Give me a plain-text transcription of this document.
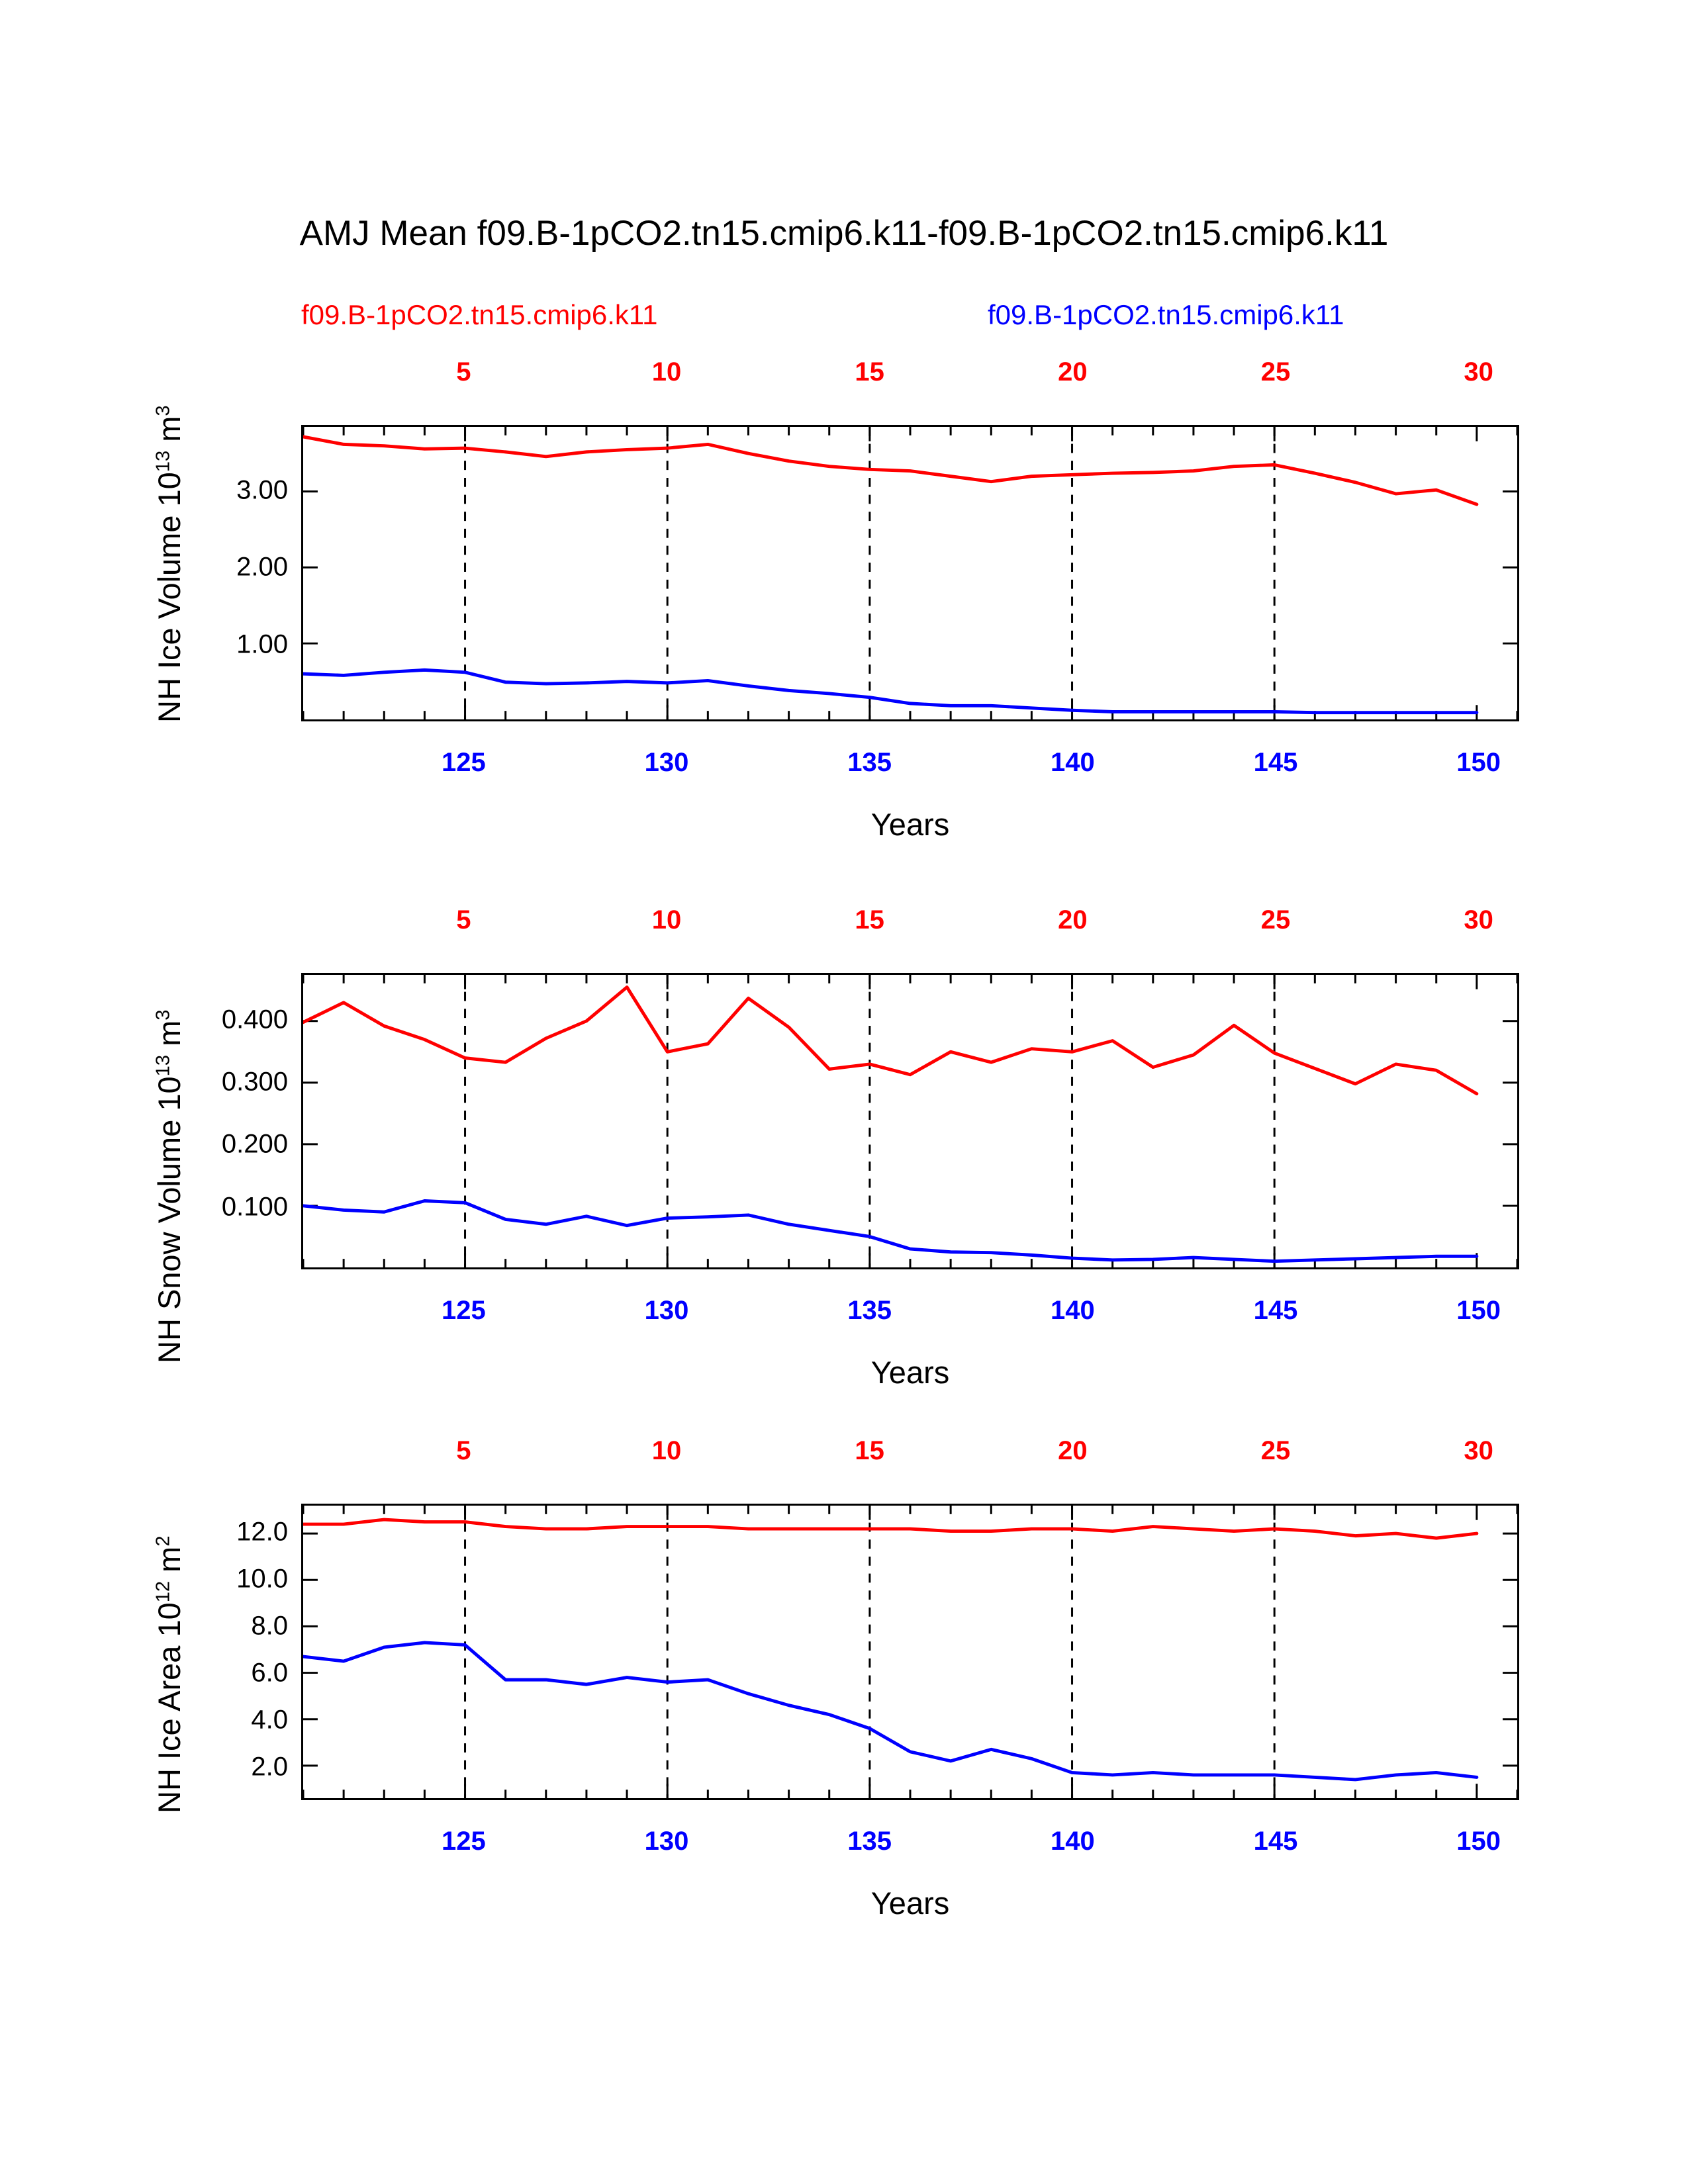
AMJ Mean f09.B-1pCO2.tn15.cmip6.k11-f09.B-1pCO2.tn15.cmip6.k11
f09.B-1pCO2.tn15.cmip6.k11	f09.B-1pCO2.tn15.cmip6.k11
5	10	15	20	25	30
125	130	135	140	145	150
1.00
2.00
3.00
Years
NH Ice Volume $10^{13}$ $m^3$
5	10	15	20	25	30
125	130	135	140	145	150
0.100
0.200
0.300
0.400
Years
NH Snow Volume $10^{13}$ $m^3$
5	10	15	20	25	30
125	130	135	140	145	150
2.0
4.0
6.0
8.0
10.0
12.0
Years
NH Ice Area $10^{12}$ $m^2$
